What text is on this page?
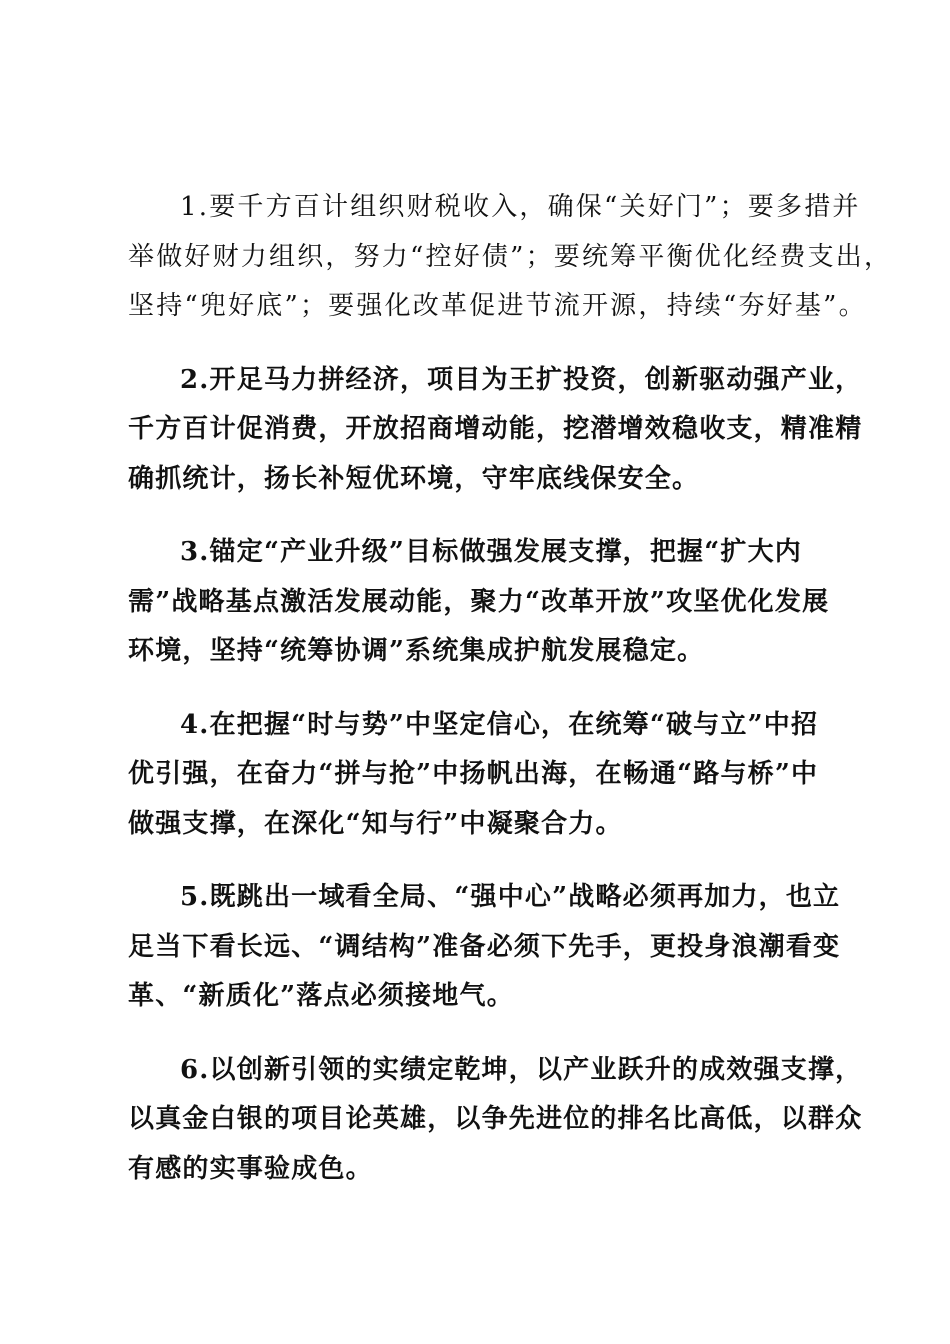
1.要千方百计组织财税收入，确保“关好门”；要多措并
举做好财力组织，努力“控好债”；要统筹平衡优化经费支出，
坚持“兜好底”；要强化改革促进节流开源，持续“夯好基”。

2.开足马力拼经济，项目为王扩投资，创新驱动强产业，
千方百计促消费，开放招商增动能，挖潜增效稳收支，精准精
确抓统计，扬长补短优环境，守牢底线保安全。

3.锚定“产业升级”目标做强发展支撑，把握“扩大内
需”战略基点激活发展动能，聚力“改革开放”攻坚优化发展
环境，坚持“统筹协调”系统集成护航发展稳定。

4.在把握“时与势”中坚定信心，在统筹“破与立”中招
优引强，在奋力“拼与抢”中扬帆出海，在畅通“路与桥”中
做强支撑，在深化“知与行”中凝聚合力。

5.既跳出一域看全局、“强中心”战略必须再加力，也立
足当下看长远、“调结构”准备必须下先手，更投身浪潮看变
革、“新质化”落点必须接地气。

6.以创新引领的实绩定乾坤，以产业跃升的成效强支撑，
以真金白银的项目论英雄，以争先进位的排名比高低，以群众
有感的实事验成色。
